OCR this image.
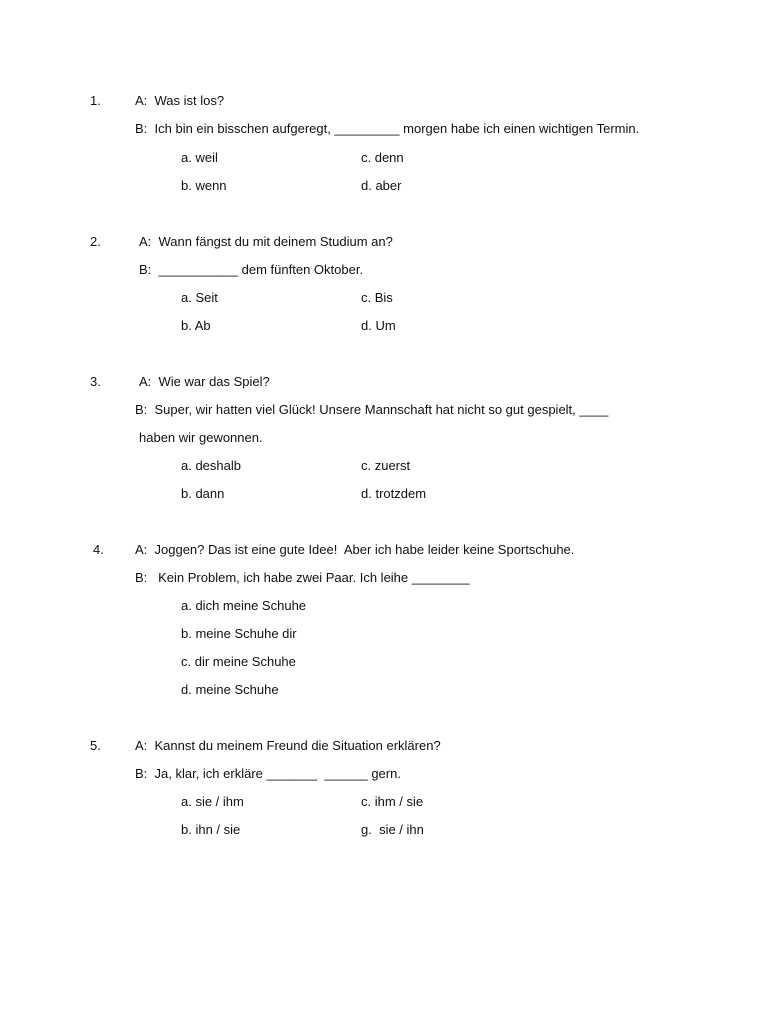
1.	A:  Was ist los?
B:  Ich bin ein bisschen aufgeregt, _________ morgen habe ich einen wichtigen Termin.
a. weil	c. denn
b. wenn	d. aber
2.	A:  Wann fängst du mit deinem Studium an?
B:  ___________ dem fünften Oktober.
a. Seit	c. Bis
b. Ab	d. Um
3.	A:  Wie war das Spiel?
B:  Super, wir hatten viel Glück! Unsere Mannschaft hat nicht so gut gespielt, ____
haben wir gewonnen.
a. deshalb	c. zuerst
b. dann	d. trotzdem
4. A:  Joggen? Das ist eine gute Idee!  Aber ich habe leider keine Sportschuhe.
B:   Kein Problem, ich habe zwei Paar. Ich leihe ________
a. dich meine Schuhe
b. meine Schuhe dir
c. dir meine Schuhe
d. meine Schuhe
5.	A:  Kannst du meinem Freund die Situation erklären?
B:  Ja, klar, ich erkläre _______  ______ gern.
a. sie / ihm	c. ihm / sie
b. ihn / sie	g.  sie / ihn
